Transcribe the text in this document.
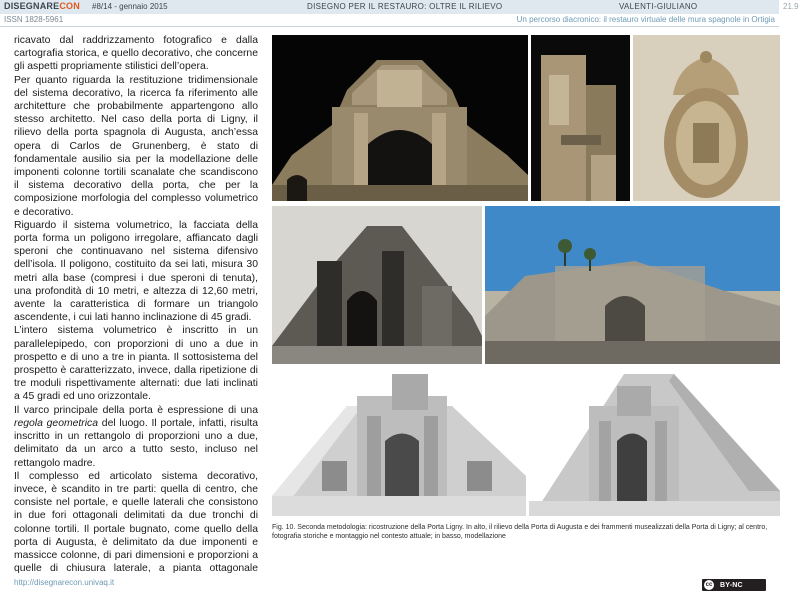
DISEGNARECON #8/14 - gennaio 2015	DISEGNO PER IL RESTAURO: OLTRE IL RILIEVO	VALENTI-GIULIANO
ISSN 1828-5961	Un percorso diacronico: il restauro virtuale delle mura spagnole in Ortigia
21.9

ricavato dal raddrizzamento fotografico e dalla cartografia storica, e quello decorativo, che concerne gli aspetti propriamente stilistici dell’opera.

Per quanto riguarda la restituzione tridimensionale del sistema decorativo, la ricerca fa riferimento alle architetture che probabilmente appartengono allo stesso architetto. Nel caso della porta di Ligny, il rilievo della porta spagnola di Augusta, anch’essa opera di Carlos de Grunenberg, è stato di fondamentale ausilio sia per la modellazione delle imponenti colonne tortili scanalate che scandiscono il sistema decorativo della porta, che per la composizione morfologia del complesso volumetrico e decorativo.

Riguardo il sistema volumetrico, la facciata della porta forma un poligono irregolare, affiancato dagli speroni che continuavano nel sistema difensivo dell’isola. Il poligono, costituito da sei lati, misura 30 metri alla base (compresi i due speroni di tenuta), una profondità di 10 metri, e altezza di 12,60 metri, avente la caratteristica di formare un triangolo ascendente, i cui lati hanno inclinazione di 45 gradi.

L’intero sistema volumetrico è inscritto in un parallelepipedo, con proporzioni di uno a due in prospetto e di uno a tre in pianta. Il sottosistema del prospetto è caratterizzato, invece, dalla ripetizione di tre moduli rispettivamente alternati: due lati inclinati a 45 gradi ed uno orizzontale.

Il varco principale della porta è espressione di una regola geometrica del luogo. Il portale, infatti, risulta inscritto in un rettangolo di proporzioni uno a due, delimitato da un arco a tutto sesto, incluso nel rettangolo madre.

Il complesso ed articolato sistema decorativo, invece, è scandito in tre parti: quella di centro, che consiste nel portale, e quelle laterali che consistono in due fori ottagonali delimitati da due tronchi di colonne tortili. Il portale bugnato, come quello della porta di Augusta, è delimitato da due imponenti e massicce colonne, di pari dimensioni e proporzioni a quelle di chiusura laterale, a pianta ottagonale

Fig. 10. Seconda metodologia: ricostruzione della Porta Ligny. In alto, il rilievo della Porta di Augusta e dei frammenti musealizzati della Porta di Ligny; al centro, fotografia storiche e montaggio nel contesto attuale; in basso, modellazione
http://disegnarecon.univaq.it	cc BY-NC
